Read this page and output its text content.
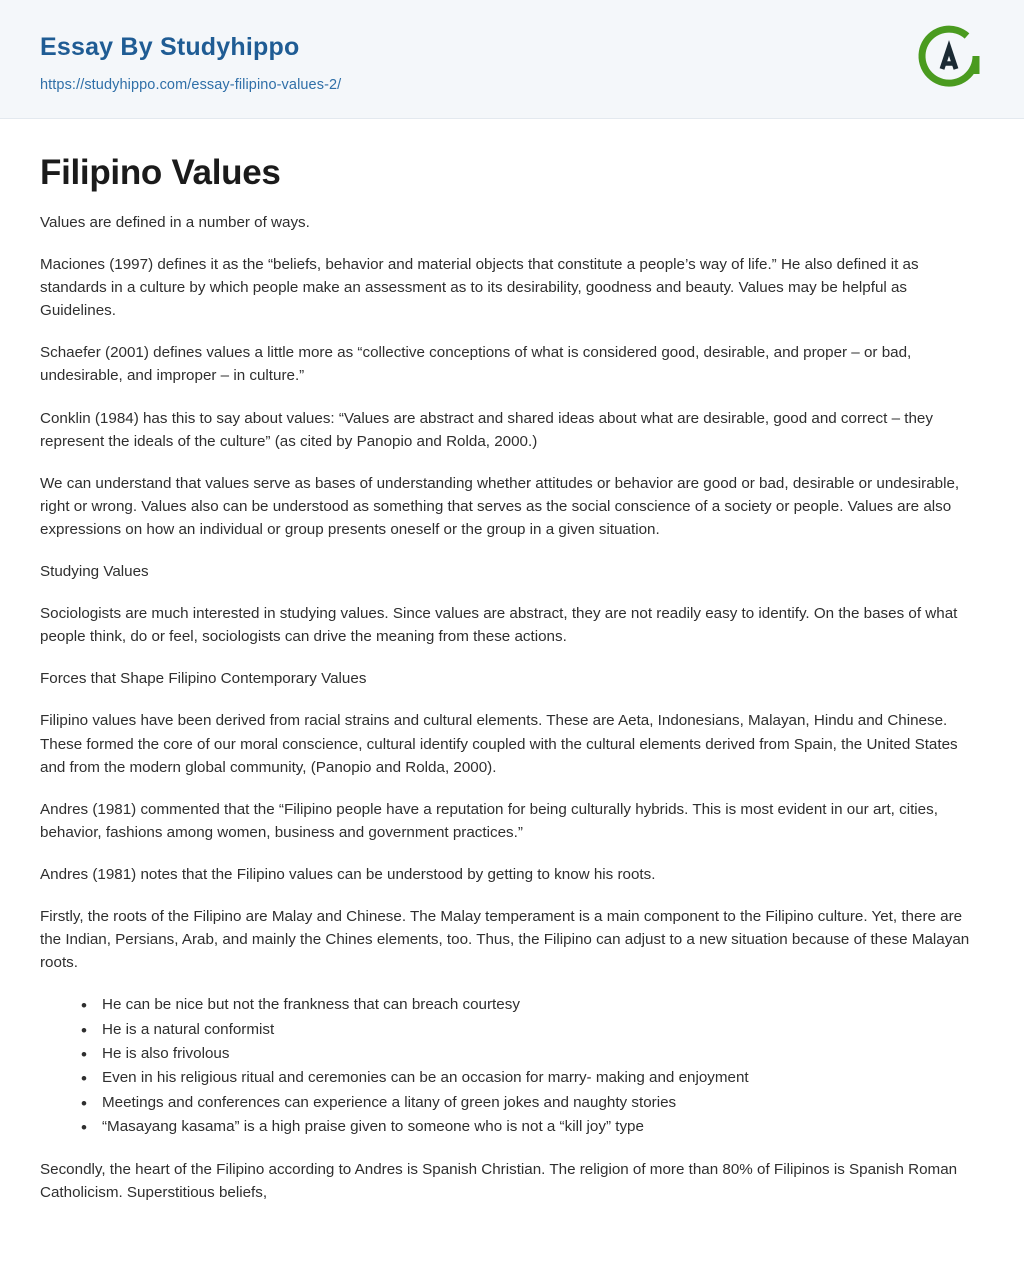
Essay By Studyhippo
https://studyhippo.com/essay-filipino-values-2/
Filipino Values

Values are defined in a number of ways.

Maciones (1997) defines it as the “beliefs, behavior and material objects that constitute a people’s way of life.” He also defined it as standards in a culture by which people make an assessment as to its desirability, goodness and beauty. Values may be helpful as Guidelines.

Schaefer (2001) defines values a little more as “collective conceptions of what is considered good, desirable, and proper – or bad, undesirable, and improper – in culture.”

Conklin (1984) has this to say about values: “Values are abstract and shared ideas about what are desirable, good and correct – they represent the ideals of the culture” (as cited by Panopio and Rolda, 2000.)

We can understand that values serve as bases of understanding whether attitudes or behavior are good or bad, desirable or undesirable, right or wrong. Values also can be understood as something that serves as the social conscience of a society or people. Values are also expressions on how an individual or group presents oneself or the group in a given situation.

Studying Values

Sociologists are much interested in studying values. Since values are abstract, they are not readily easy to identify. On the bases of what people think, do or feel, sociologists can drive the meaning from these actions.

Forces that Shape Filipino Contemporary Values

Filipino values have been derived from racial strains and cultural elements. These are Aeta, Indonesians, Malayan, Hindu and Chinese. These formed the core of our moral conscience, cultural identify coupled with the cultural elements derived from Spain, the United States and from the modern global community, (Panopio and Rolda, 2000).

Andres (1981) commented that the “Filipino people have a reputation for being culturally hybrids. This is most evident in our art, cities, behavior, fashions among women, business and government practices.”

Andres (1981) notes that the Filipino values can be understood by getting to know his roots.

Firstly, the roots of the Filipino are Malay and Chinese. The Malay temperament is a main component to the Filipino culture. Yet, there are the Indian, Persians, Arab, and mainly the Chines elements, too. Thus, the Filipino can adjust to a new situation because of these Malayan roots.

• He can be nice but not the frankness that can breach courtesy
• He is a natural conformist
• He is also frivolous
• Even in his religious ritual and ceremonies can be an occasion for marry- making and enjoyment
• Meetings and conferences can experience a litany of green jokes and naughty stories
• “Masayang kasama” is a high praise given to someone who is not a “kill joy” type

Secondly, the heart of the Filipino according to Andres is Spanish Christian. The religion of more than 80% of Filipinos is Spanish Roman Catholicism. Superstitious beliefs,
